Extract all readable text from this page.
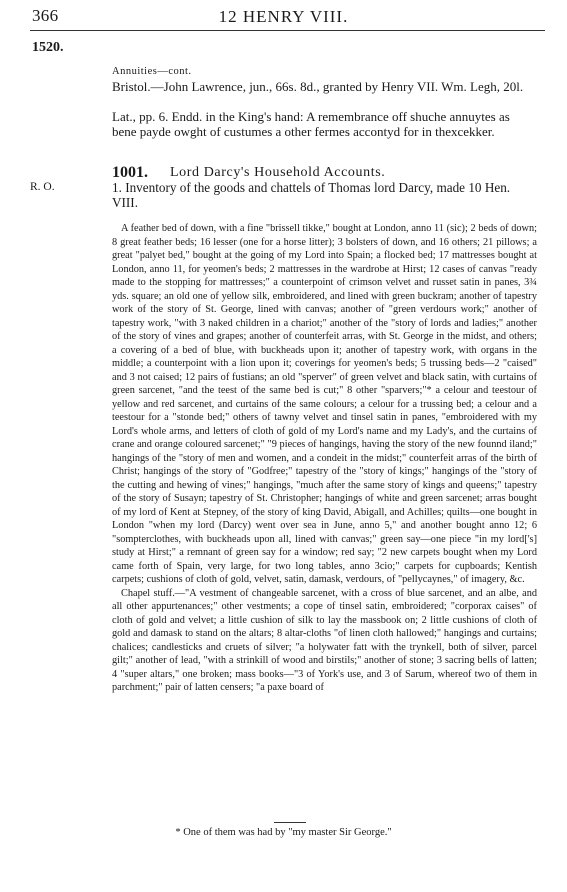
366	12 HENRY VIII.
1520.
Annuities—cont.

Bristol.—John Lawrence, jun., 66s. 8d., granted by Henry VII. Wm. Legh, 20l.

Lat., pp. 6. Endd. in the King's hand: A remembrance off shuche annuytes as bene payde owght of custumes a other fermes accontyd for in thexcekker.

1001. Lord Darcy's Household Accounts.
R. O.	1. Inventory of the goods and chattels of Thomas lord Darcy, made 10 Hen. VIII.

A feather bed of down, with a fine "brissell tikke," bought at London, anno 11 (sic); 2 beds of down; 8 great feather beds; 16 lesser (one for a horse litter); 3 bolsters of down, and 16 others; 21 pillows; a great "palyet bed," bought at the going of my Lord into Spain; a flocked bed; 17 mattresses bought at London, anno 11, for yeomen's beds; 2 mattresses in the wardrobe at Hirst; 12 cases of canvas "ready made to the stopping for mattresses;" a counterpoint of crimson velvet and russet satin in panes, 3¾ yds. square; an old one of yellow silk, embroidered, and lined with green buckram; another of tapestry work of the story of St. George, lined with canvas; another of "green verdours work;" another of tapestry work, "with 3 naked children in a chariot;" another of the "story of lords and ladies;" another of the story of vines and grapes; another of counterfeit arras, with St. George in the midst, and others; a covering of a bed of blue, with buckheads upon it; another of tapestry work, with organs in the middle; a counterpoint with a lion upon it; coverings for yeomen's beds; 5 trussing beds—2 "caised" and 3 not caised; 12 pairs of fustians; an old "sperver" of green velvet and black satin, with curtains of green sarcenet, "and the teest of the same bed is cut;" 8 other "sparvers;"* a celour and teestour of yellow and red sarcenet, and curtains of the same colours; a celour for a trussing bed; a celour and a teestour for a "stonde bed;" others of tawny velvet and tinsel satin in panes, "embroidered with my Lord's whole arms, and letters of cloth of gold of my Lord's name and my Lady's, and the curtains of crane and orange coloured sarcenet;" "9 pieces of hangings, having the story of the new founnd iland;" hangings of the "story of men and women, and a condeit in the midst;" counterfeit arras of the birth of Christ; hangings of the story of "Godfree;" tapestry of the "story of kings;" hangings of the "story of the cutting and hewing of vines;" hangings, "much after the same story of kings and queens;" tapestry of the story of Susayn; tapestry of St. Christopher; hangings of white and green sarcenet; arras bought of my lord of Kent at Stepney, of the story of king David, Abigall, and Achilles; quilts—one bought in London "when my lord (Darcy) went over sea in June, anno 5," and another bought anno 12; 6 "sompterclothes, with buckheads upon all, lined with canvas;" green say—one piece "in my lord['s] study at Hirst;" a remnant of green say for a window; red say; "2 new carpets bought when my Lord came forth of Spain, very large, for two long tables, anno 3cio;" carpets for cupboards; Kentish carpets; cushions of cloth of gold, velvet, satin, damask, verdours, of "pellycaynes," of imagery, &c.

Chapel stuff.—"A vestment of changeable sarcenet, with a cross of blue sarcenet, and an albe, and all other appurtenances;" other vestments; a cope of tinsel satin, embroidered; "corporax caises" of cloth of gold and velvet; a little cushion of silk to lay the massbook on; 2 little cushions of cloth of gold and damask to stand on the altars; 8 altar-cloths "of linen cloth hallowed;" hangings and curtains; chalices; candlesticks and cruets of silver; "a holywater fatt with the trynkell, both of silver, parcel gilt;" another of lead, "with a strinkill of wood and birstils;" another of stone; 3 sacring bells of latten; 4 "super altars," one broken; mass books—"3 of York's use, and 3 of Sarum, whereof two of them in parchment;" pair of latten censers; "a paxe board of

* One of them was had by "my master Sir George."
